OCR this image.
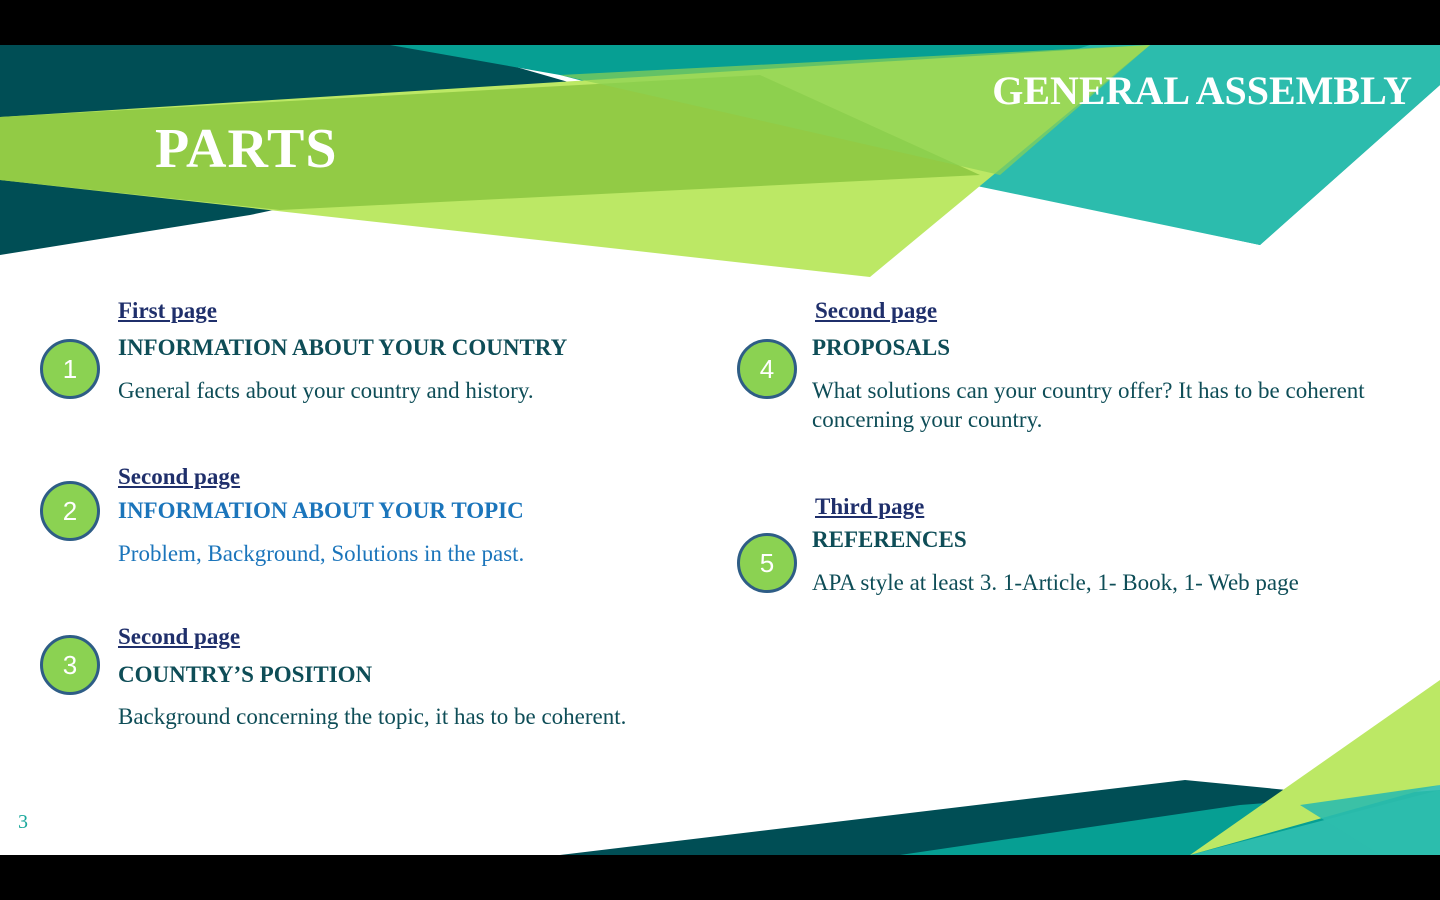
PARTS
GENERAL ASSEMBLY
1
First page
INFORMATION ABOUT YOUR COUNTRY
General facts about your country and history.
2
Second page
INFORMATION ABOUT YOUR TOPIC
Problem, Background, Solutions in the past.
3
Second page
COUNTRY’S POSITION
Background concerning the topic, it has to be coherent.
4
Second page
PROPOSALS
What solutions can your country offer? It has to be coherent concerning your country.
5
Third page
REFERENCES
APA style at least 3. 1-Article, 1- Book, 1- Web page
3
